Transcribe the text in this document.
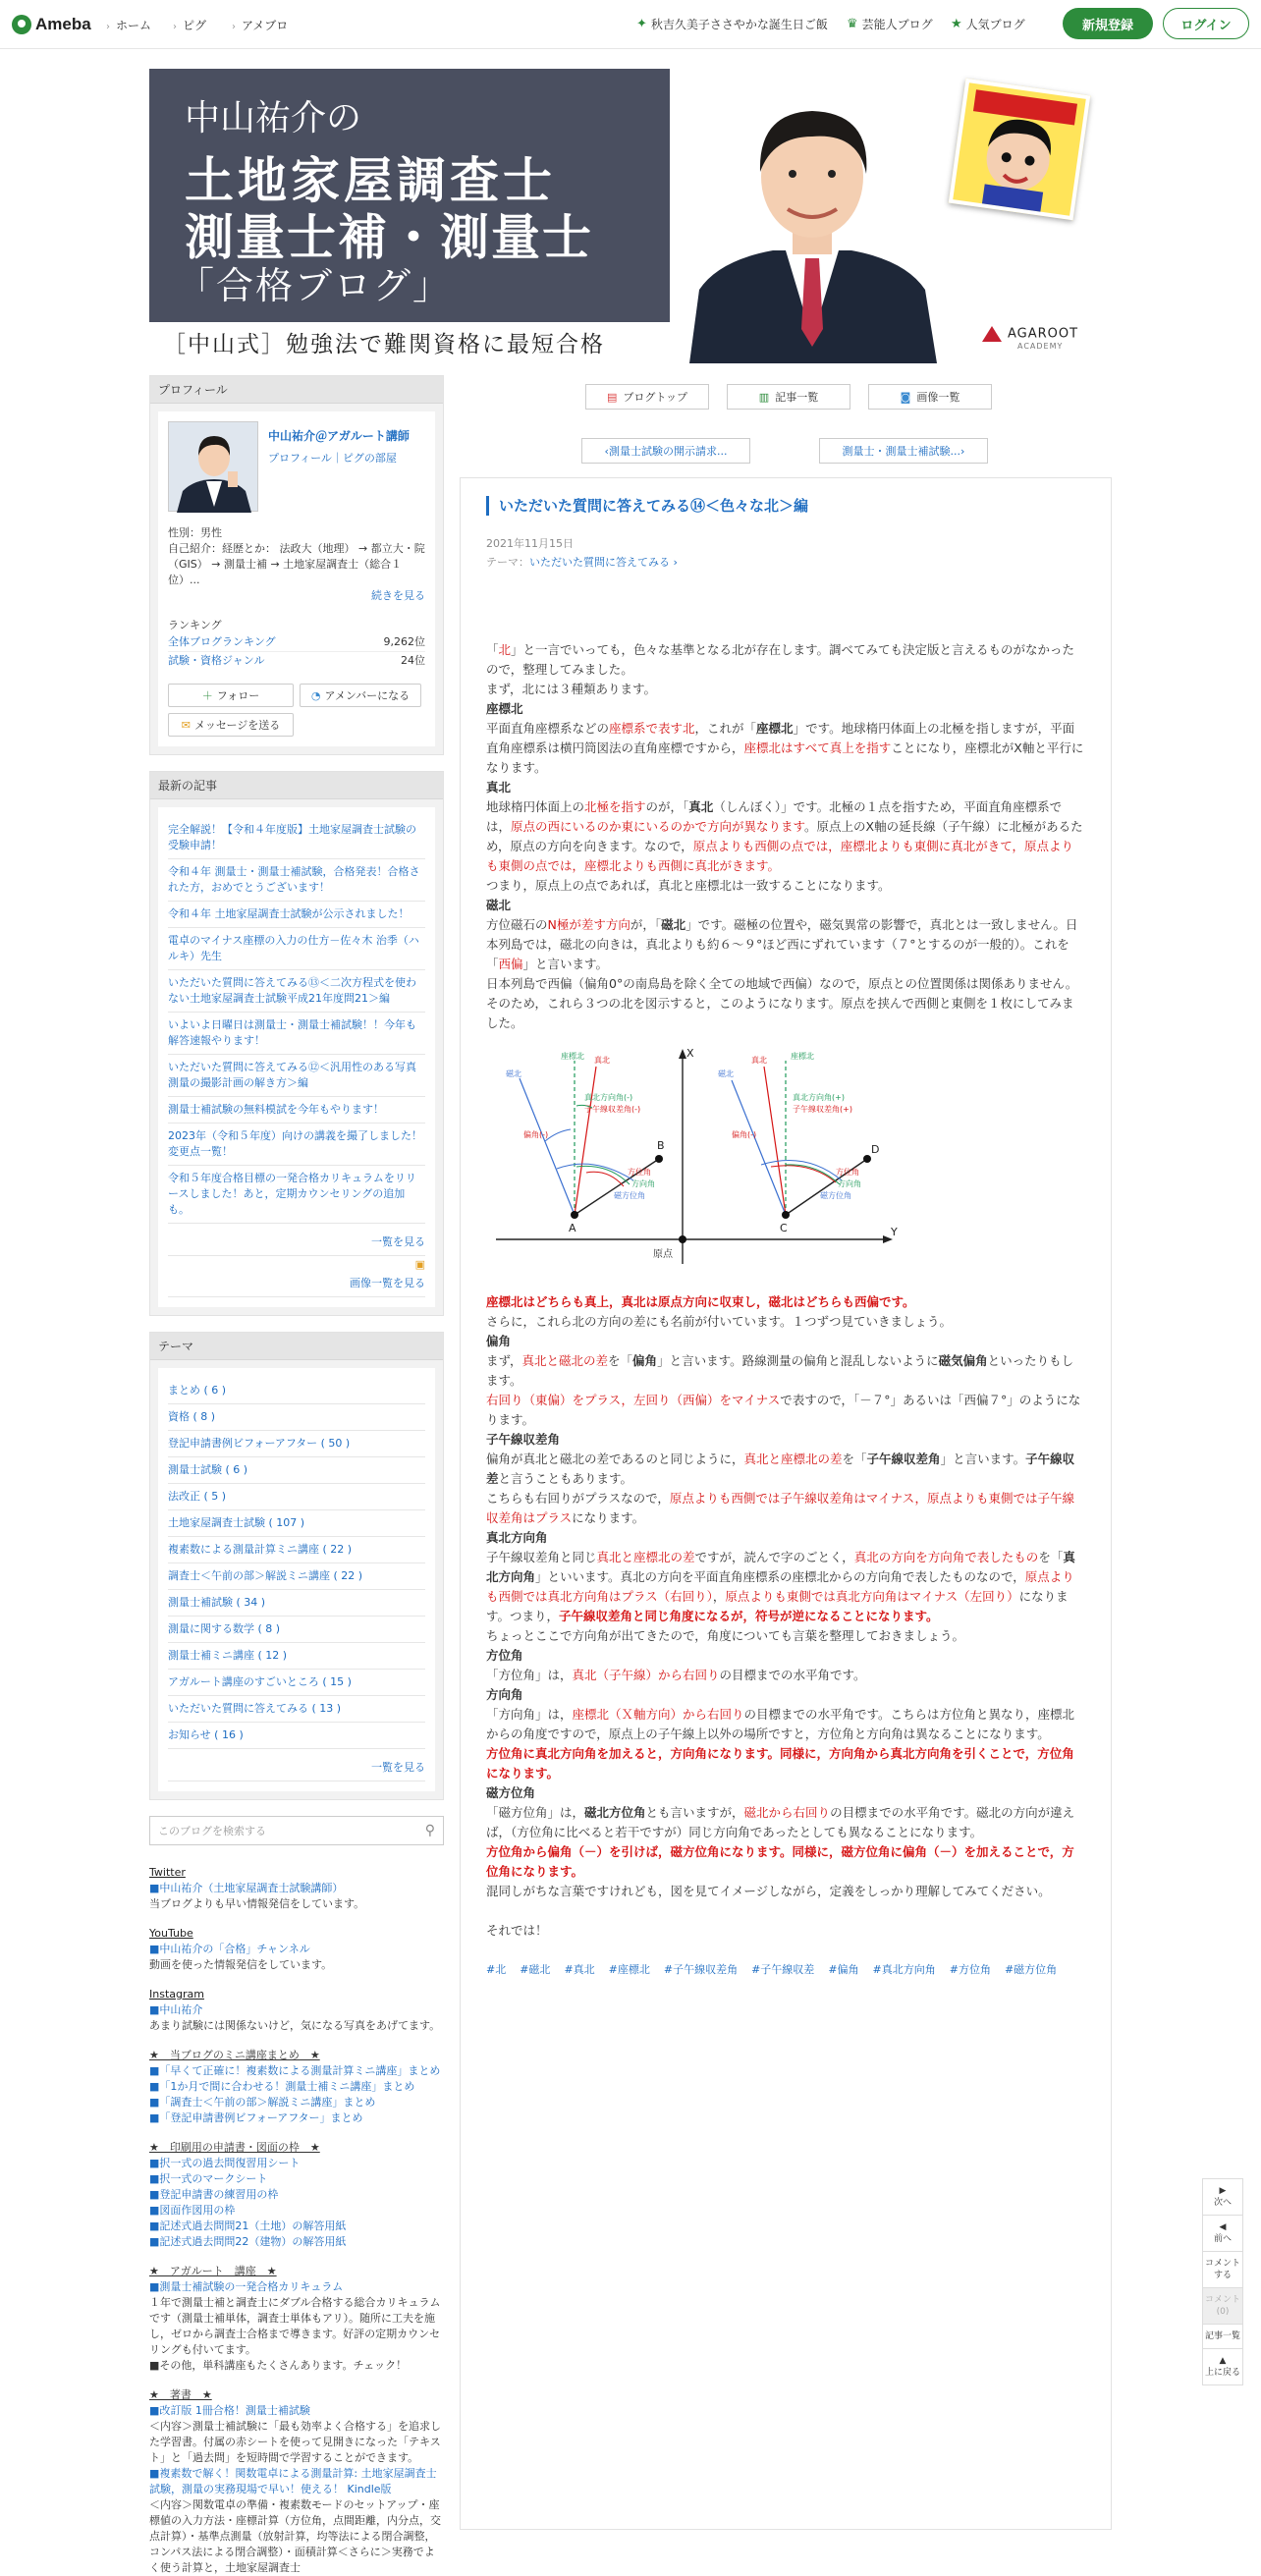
Ameba › ホーム › ピグ	› アメブロ	✦ 秋吉久美子ささやかな誕生日ご飯 ♛ 芸能人ブログ ★ 人気ブログ	新規登録	ログイン
中山祐介の
土地家屋調査士
測量士補・測量士
「合格ブログ」
［中山式］勉強法で難関資格に最短合格	AGAROOT
ACADEMY
プロフィール
中山祐介＠アガルート講師
プロフィール｜ピグの部屋
性別：男性
自己紹介：経歴とか： 法政大（地理） → 都立大・院（GIS） → 測量士補 → 土地家屋調査士（総合１位）...
続きを見る
ランキング
全体ブログランキング	9,262位
試験・資格ジャンル	24位
＋ フォロー	◔ アメンバーになる
✉ メッセージを送る
最新の記事
完全解説！【令和４年度版】土地家屋調査士試験の受験申請！
令和４年 測量士・測量士補試験，合格発表！合格された方，おめでとうございます！
令和４年 土地家屋調査士試験が公示されました！
電卓のマイナス座標の入力の仕方－佐々木 治季（ハルキ）先生
いただいた質問に答えてみる⑬＜二次方程式を使わない土地家屋調査士試験平成21年度問21＞編
いよいよ日曜日は測量士・測量士補試験！！今年も解答速報やります！
いただいた質問に答えてみる⑫＜汎用性のある写真測量の撮影計画の解き方＞編
測量士補試験の無料模試を今年もやります！
2023年（令和５年度）向けの講義を撮了しました！変更点一覧！
令和５年度合格目標の一発合格カリキュラムをリリースしました！あと，定期カウンセリングの追加も。
一覧を見る
▣
画像一覧を見る
テーマ
まとめ ( 6 )
資格 ( 8 )
登記申請書例ビフォーアフター ( 50 )
測量士試験 ( 6 )
法改正 ( 5 )
土地家屋調査士試験 ( 107 )
複素数による測量計算ミニ講座 ( 22 )
調査士＜午前の部＞解説ミニ講座 ( 22 )
測量士補試験 ( 34 )
測量に関する数学 ( 8 )
測量士補ミニ講座 ( 12 )
アガルート講座のすごいところ ( 15 )
いただいた質問に答えてみる ( 13 )
お知らせ ( 16 )
一覧を見る
このブログを検索する	⚲

Twitter

■中山祐介（土地家屋調査士試験講師）

当ブログよりも早い情報発信をしています。

YouTube

■中山祐介の「合格」チャンネル

動画を使った情報発信をしています。

Instagram

■中山祐介

あまり試験には関係ないけど，気になる写真をあげてます。

★　当ブログのミニ講座まとめ　★

■「早くて正確に！複素数による測量計算ミニ講座」まとめ

■「1か月で間に合わせる！測量士補ミニ講座」まとめ

■「調査士＜午前の部＞解説ミニ講座」まとめ

■「登記申請書例ビフォーアフター」まとめ

★　印刷用の申請書・図面の枠　★

■択一式の過去問復習用シート

■択一式のマークシート

■登記申請書の練習用の枠

■図面作図用の枠

■記述式過去問問21（土地）の解答用紙

■記述式過去問問22（建物）の解答用紙

★　アガルート　講座　★

■測量士補試験の一発合格カリキュラム

１年で測量士補と調査士にダブル合格する総合カリキュラムです（測量士補単体，調査士単体もアリ）。随所に工夫を施し，ゼロから調査士合格まで導きます。好評の定期カウンセリングも付いてます。

■その他，単科講座もたくさんあります。チェック！

★　著書　★

■改訂版 1冊合格！測量士補試験

＜内容＞測量士補試験に「最も効率よく合格する」を追求した学習書。付属の赤シートを使って見開きになった「テキスト」と「過去問」を短時間で学習することができます。

■複素数で解く！関数電卓による測量計算: 土地家屋調査士試験，測量の実務現場で早い！使える！ Kindle版

＜内容＞関数電卓の準備・複素数モードのセットアップ・座標値の入力方法・座標計算（方位角，点間距離，内分点，交点計算）・基準点測量（放射計算，均等法による閉合調整，コンパス法による閉合調整）・面積計算＜さらに＞実務でよく使う計算と，土地家屋調査士

▤ ブログトップ	▥ 記事一覧	◙ 画像一覧
‹ 測量士試験の開示請求...	測量士・測量士補試験... ›
いただいた質問に答えてみる⑭＜色々な北＞編
2021年11月15日
テーマ：いただいた質問に答えてみる ›

「北」と一言でいっても，色々な基準となる北が存在します。調べてみても決定版と言えるものがなかったので，整理してみました。

まず，北には３種類あります。

座標北

平面直角座標系などの座標系で表す北，これが「座標北」です。地球楕円体面上の北極を指しますが，平面直角座標系は横円筒図法の直角座標ですから，座標北はすべて真上を指すことになり，座標北がX軸と平行になります。

真北

地球楕円体面上の北極を指すのが，「真北（しんぼく）」です。北極の１点を指すため，平面直角座標系では，原点の西にいるのか東にいるのかで方向が異なります。原点上のX軸の延長線（子午線）に北極があるため，原点の方向を向きます。なので，原点よりも西側の点では，座標北よりも東側に真北がきて，原点よりも東側の点では，座標北よりも西側に真北がきます。

つまり，原点上の点であれば，真北と座標北は一致することになります。

磁北

方位磁石のN極が差す方向が，「磁北」です。磁極の位置や，磁気異常の影響で，真北とは一致しません。日本列島では，磁北の向きは，真北よりも約６～９°ほど西にずれています（７°とするのが一般的）。これを「西偏」と言います。

日本列島で西偏（偏角0°の南鳥島を除く全ての地域で西偏）なので，原点との位置関係は関係ありません。

そのため，これら３つの北を図示すると，このようになります。原点を挟んで西側と東側を１枚にしてみました。

X
Y
原点
A
B
座標北 真北
磁北
偏角(-)
真北方向角(-)
子午線収差角(-)
方位角
方向角
磁方位角
C
D
座標北
真北
磁北
偏角(-)
真北方向角(+)
子午線収差角(+)
方位角
方向角
磁方位角

座標北はどちらも真上，真北は原点方向に収束し，磁北はどちらも西偏です。

さらに，これら北の方向の差にも名前が付いています。１つずつ見ていきましょう。

偏角

まず，真北と磁北の差を「偏角」と言います。路線測量の偏角と混乱しないように磁気偏角といったりもします。

右回り（東偏）をプラス，左回り（西偏）をマイナスで表すので，「－７°」あるいは「西偏７°」のようになります。

子午線収差角

偏角が真北と磁北の差であるのと同じように，真北と座標北の差を「子午線収差角」と言います。子午線収差と言うこともあります。

こちらも右回りがプラスなので，原点よりも西側では子午線収差角はマイナス，原点よりも東側では子午線収差角はプラスになります。

真北方向角

子午線収差角と同じ真北と座標北の差ですが，読んで字のごとく，真北の方向を方向角で表したものを「真北方向角」といいます。真北の方向を平面直角座標系の座標北からの方向角で表したものなので，原点よりも西側では真北方向角はプラス（右回り），原点よりも東側では真北方向角はマイナス（左回り）になります。つまり，子午線収差角と同じ角度になるが，符号が逆になることになります。

ちょっとここで方向角が出てきたので，角度についても言葉を整理しておきましょう。

方位角

「方位角」は，真北（子午線）から右回りの目標までの水平角です。

方向角

「方向角」は，座標北（Ｘ軸方向）から右回りの目標までの水平角です。こちらは方位角と異なり，座標北からの角度ですので，原点上の子午線上以外の場所ですと，方位角と方向角は異なることになります。

方位角に真北方向角を加えると，方向角になります。同様に，方向角から真北方向角を引くことで，方位角になります。

磁方位角

「磁方位角」は，磁北方位角とも言いますが，磁北から右回りの目標までの水平角です。磁北の方向が違えば，（方位角に比べると若干ですが）同じ方向角であったとしても異なることになります。

方位角から偏角（－）を引けば，磁方位角になります。同様に，磁方位角に偏角（－）を加えることで，方位角になります。

混同しがちな言葉ですけれども，図を見てイメージしながら，定義をしっかり理解してみてください。

それでは！

#北 #磁北 #真北 #座標北 #子午線収差角 #子午線収差 #偏角 #真北方向角 #方位角 #磁方位角
▶
次へ
◀
前へ
コメントする
コメント(0)
記事一覧
▲
上に戻る
